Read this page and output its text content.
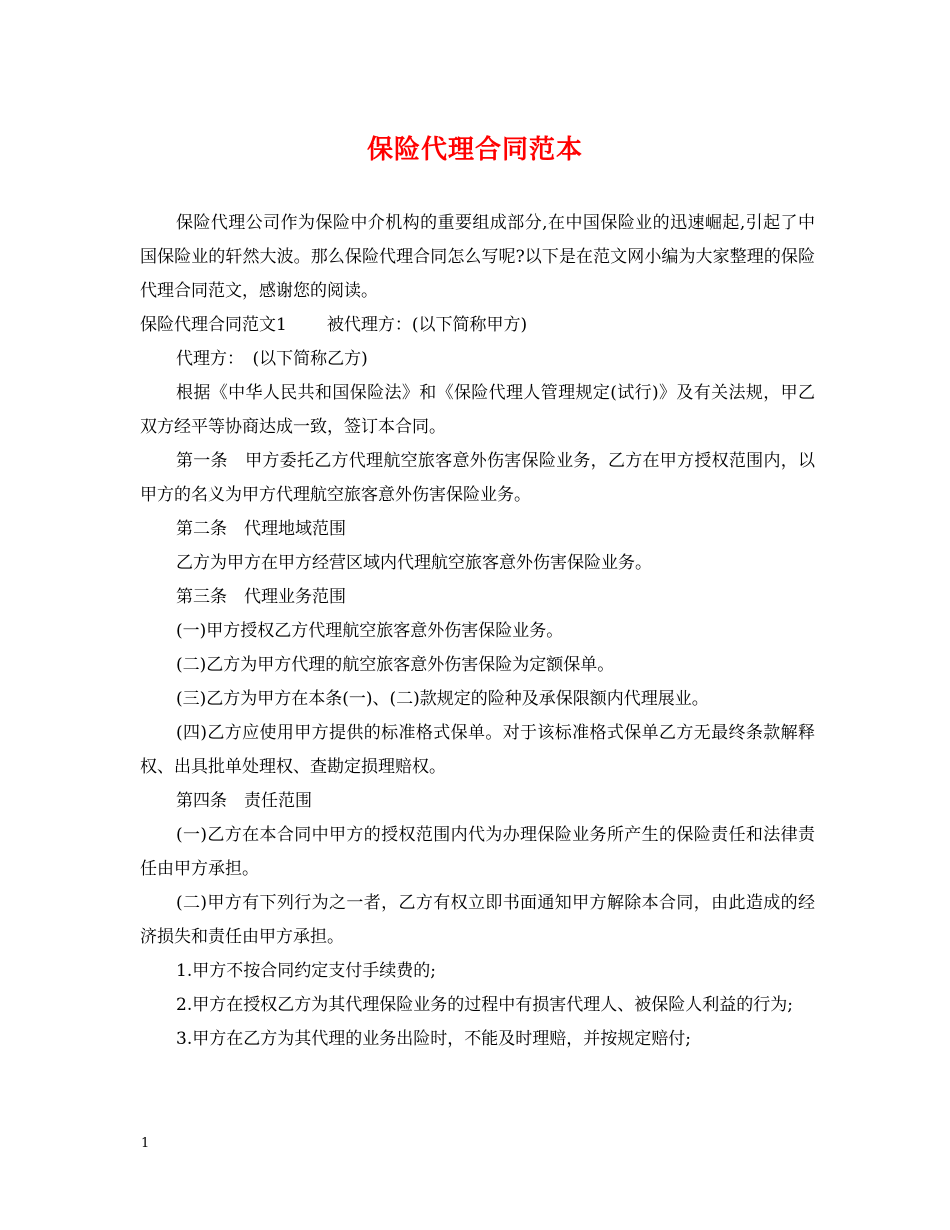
保险代理合同范本

保险代理公司作为保险中介机构的重要组成部分,在中国保险业的迅速崛起,引起了中国保险业的轩然大波。那么保险代理合同怎么写呢?以下是在范文网小编为大家整理的保险代理合同范文，感谢您的阅读。

保险代理合同范文1 被代理方：(以下简称甲方)

代理方：　(以下简称乙方)

根据《中华人民共和国保险法》和《保险代理人管理规定(试行)》及有关法规，甲乙双方经平等协商达成一致，签订本合同。

第一条　甲方委托乙方代理航空旅客意外伤害保险业务，乙方在甲方授权范围内，以甲方的名义为甲方代理航空旅客意外伤害保险业务。

第二条　代理地域范围

乙方为甲方在甲方经营区域内代理航空旅客意外伤害保险业务。

第三条　代理业务范围

(一)甲方授权乙方代理航空旅客意外伤害保险业务。

(二)乙方为甲方代理的航空旅客意外伤害保险为定额保单。

(三)乙方为甲方在本条(一)、(二)款规定的险种及承保限额内代理展业。

(四)乙方应使用甲方提供的标准格式保单。对于该标准格式保单乙方无最终条款解释权、出具批单处理权、查勘定损理赔权。

第四条　责任范围

(一)乙方在本合同中甲方的授权范围内代为办理保险业务所产生的保险责任和法律责任由甲方承担。

(二)甲方有下列行为之一者，乙方有权立即书面通知甲方解除本合同，由此造成的经济损失和责任由甲方承担。

1.甲方不按合同约定支付手续费的;

2.甲方在授权乙方为其代理保险业务的过程中有损害代理人、被保险人利益的行为;

3.甲方在乙方为其代理的业务出险时，不能及时理赔，并按规定赔付;

1
